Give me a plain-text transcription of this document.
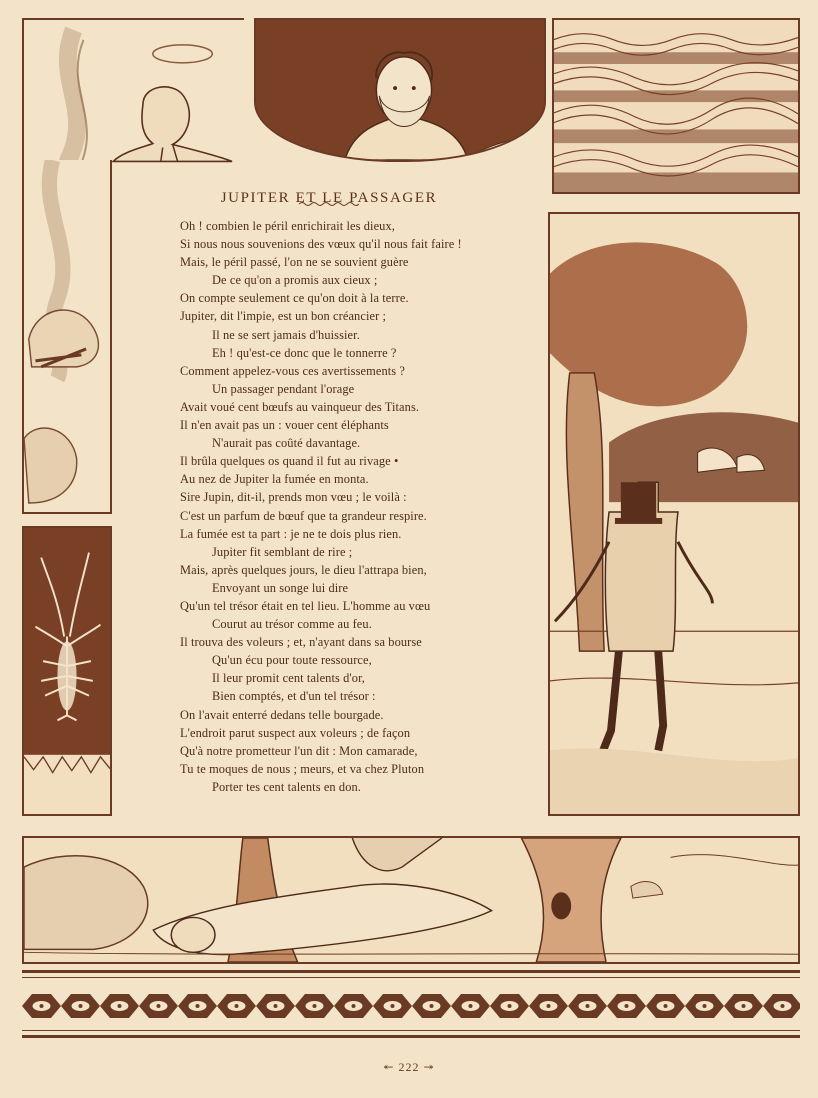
JUPITER ET LE PASSAGER
Oh ! combien le péril enrichirait les dieux,
Si nous nous souvenions des vœux qu'il nous fait faire !
Mais, le péril passé, l'on ne se souvient guère
De ce qu'on a promis aux cieux ;
On compte seulement ce qu'on doit à la terre.
Jupiter, dit l'impie, est un bon créancier ;
Il ne se sert jamais d'huissier.
Eh ! qu'est-ce donc que le tonnerre ?
Comment appelez-vous ces avertissements ?
Un passager pendant l'orage
Avait voué cent bœufs au vainqueur des Titans.
Il n'en avait pas un : vouer cent éléphants
N'aurait pas coûté davantage.
Il brûla quelques os quand il fut au rivage •
Au nez de Jupiter la fumée en monta.
Sire Jupin, dit-il, prends mon vœu ; le voilà :
C'est un parfum de bœuf que ta grandeur respire.
La fumée est ta part : je ne te dois plus rien.
Jupiter fit semblant de rire ;
Mais, après quelques jours, le dieu l'attrapa bien,
Envoyant un songe lui dire
Qu'un tel trésor était en tel lieu. L'homme au vœu
Courut au trésor comme au feu.
Il trouva des voleurs ; et, n'ayant dans sa bourse
Qu'un écu pour toute ressource,
Il leur promit cent talents d'or,
Bien comptés, et d'un tel trésor :
On l'avait enterré dedans telle bourgade.
L'endroit parut suspect aux voleurs ; de façon
Qu'à notre prometteur l'un dit : Mon camarade,
Tu te moques de nous ; meurs, et va chez Pluton
Porter tes cent talents en don.
↞ 222 ↠
